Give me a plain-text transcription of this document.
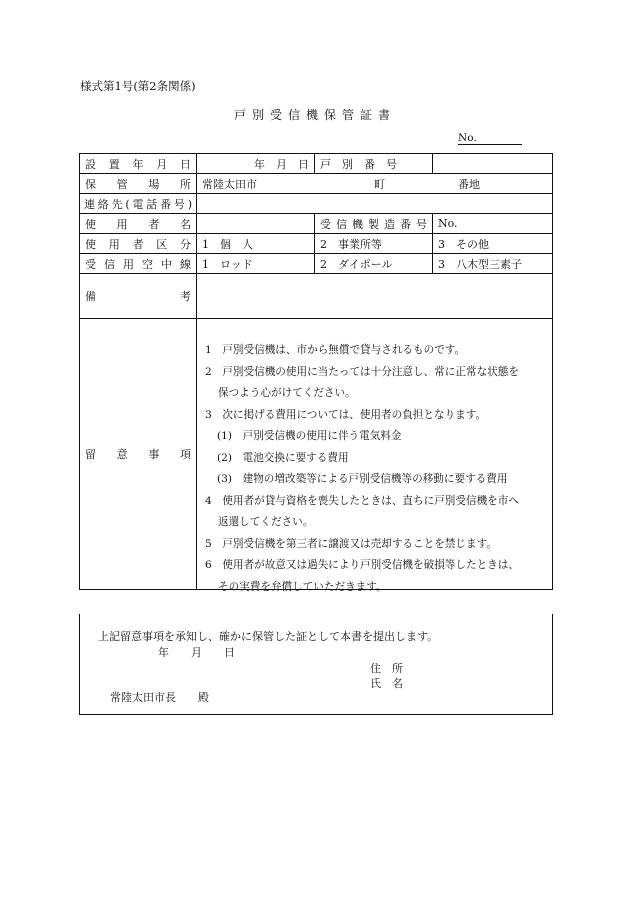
様式第1号(第2条関係)
戸別受信機保管証書
No.
設置年月日	年　月　日	戸　別　番　号	
保管場所	常陸太田市 町 番地		
連絡先(電話番号)			
使用者名		受信機製造番号	No.
使用者区分	1　個　人	2　事業所等	3　その他
受信用空中線	1　ロッド	2　ダイポール	3　八木型三素子
備考			
留意事項			
1　戸別受信機は、市から無償で貸与されるものです。
2　戸別受信機の使用に当たっては十分注意し、常に正常な状態を
保つよう心がけてください。
3　次に掲げる費用については、使用者の負担となります。
(1)　戸別受信機の使用に伴う電気料金
(2)　電池交換に要する費用
(3)　建物の増改築等による戸別受信機等の移動に要する費用
4　使用者が貸与資格を喪失したときは、直ちに戸別受信機を市へ
返還してください。
5　戸別受信機を第三者に譲渡又は売却することを禁じます。
6　使用者が故意又は過失により戸別受信機を破損等したときは、
その実費を弁償していただきます。
上記留意事項を承知し、確かに保管した証として本書を提出します。
年　　月　　日
住　所
氏　名
常陸太田市長　　殿
